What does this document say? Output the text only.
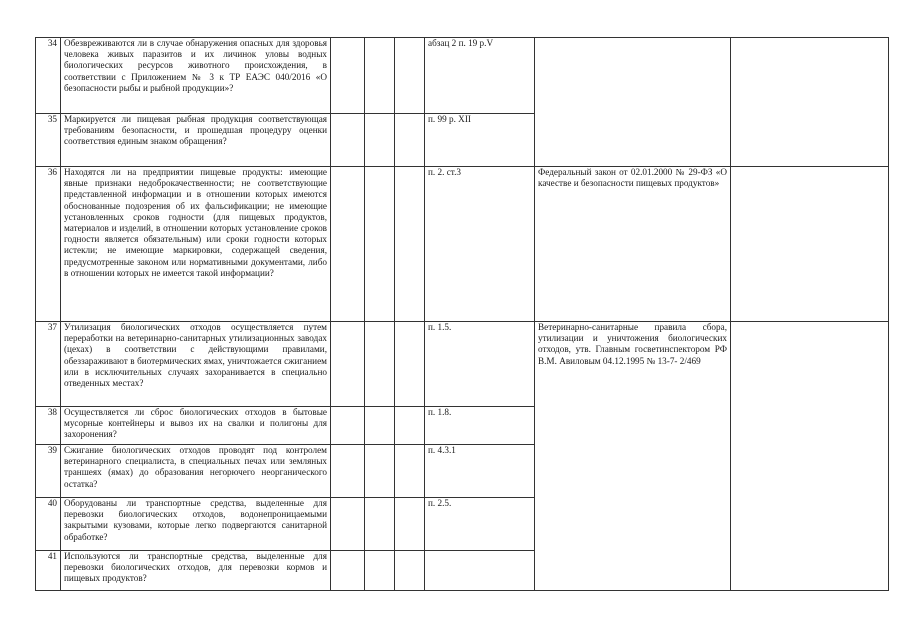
34	Обезвреживаются ли в случае обнаружения опасных для здоровья человека живых паразитов и их личинок уловы водных биологических ресурсов животного происхождения, в соответствии с Приложением № 3 к ТР ЕАЭС 040/2016 «О безопасности рыбы и рыбной продукции»?				абзац 2 п. 19 р.V		
35	Маркируется ли пищевая рыбная продукция соответствующая требованиям безопасности, и прошедшая процедуру оценки соответствия единым знаком обращения?				п. 99 р. XII		
36	Находятся ли на предприятии пищевые продукты: имеющие явные признаки недоброкачественности; не соответствующие представленной информации и в отношении которых имеются обоснованные подозрения об их фальсификации; не имеющие установленных сроков годности (для пищевых продуктов, материалов и изделий, в отношении которых установление сроков годности является обязательным) или сроки годности которых истекли; не имеющие маркировки, содержащей сведения, предусмотренные законом или нормативными документами, либо в отношении которых не имеется такой информации?				п. 2. ст.3	Федеральный закон от 02.01.2000 № 29-ФЗ «О качестве и безопасности пищевых продуктов»	
37	Утилизация биологических отходов осуществляется путем переработки на ветеринарно-санитарных утилизационных заводах (цехах) в соответствии с действующими правилами, обеззараживают в биотермических ямах, уничтожается сжиганием или в исключительных случаях захоранивается в специально отведенных местах?				п. 1.5.	Ветеринарно-санитарные правила сбора, утилизации и уничтожения биологических отходов, утв. Главным госветинспектором РФ В.М. Авиловым 04.12.1995 № 13-7- 2/469	
38	Осуществляется ли сброс биологических отходов в бытовые мусорные контейнеры и вывоз их на свалки и полигоны для захоронения?				п. 1.8.		
39	Сжигание биологических отходов проводят под контролем ветеринарного специалиста, в специальных печах или земляных траншеях (ямах) до образования негорючего неорганического остатка?				п. 4.3.1		
40	Оборудованы ли транспортные средства, выделенные для перевозки биологических отходов, водонепроницаемыми закрытыми кузовами, которые легко подвергаются санитарной обработке?				п. 2.5.		
41	Используются ли транспортные средства, выделенные для перевозки биологических отходов, для перевозки кормов и пищевых продуктов?						
